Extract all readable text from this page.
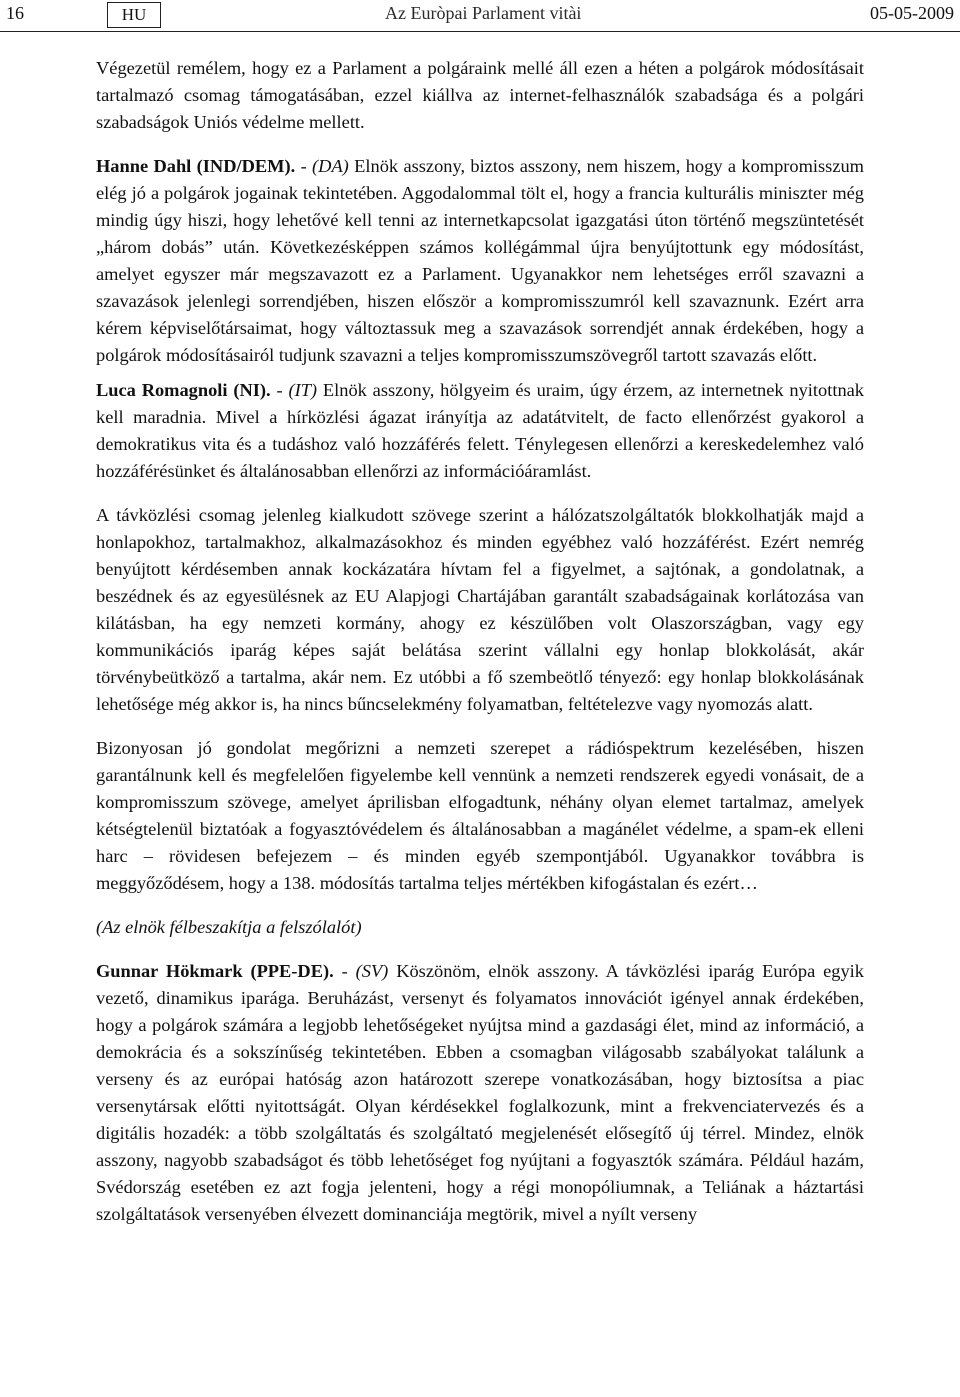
16	HU	Az Euròpai Parlament vitài	05-05-2009

Végezetül remélem, hogy ez a Parlament a polgáraink mellé áll ezen a héten a polgárok módosításait tartalmazó csomag támogatásában, ezzel kiállva az internet-felhasználók szabadsága és a polgári szabadságok Uniós védelme mellett.

Hanne Dahl (IND/DEM). - (DA) Elnök asszony, biztos asszony, nem hiszem, hogy a kompromisszum elég jó a polgárok jogainak tekintetében. Aggodalommal tölt el, hogy a francia kulturális miniszter még mindig úgy hiszi, hogy lehetővé kell tenni az internetkapcsolat igazgatási úton történő megszüntetését „három dobás” után. Következésképpen számos kollégámmal újra benyújtottunk egy módosítást, amelyet egyszer már megszavazott ez a Parlament. Ugyanakkor nem lehetséges erről szavazni a szavazások jelenlegi sorrendjében, hiszen először a kompromisszumról kell szavaznunk. Ezért arra kérem képviselőtársaimat, hogy változtassuk meg a szavazások sorrendjét annak érdekében, hogy a polgárok módosításairól tudjunk szavazni a teljes kompromisszumszövegről tartott szavazás előtt.

Luca Romagnoli (NI). - (IT) Elnök asszony, hölgyeim és uraim, úgy érzem, az internetnek nyitottnak kell maradnia. Mivel a hírközlési ágazat irányítja az adatátvitelt, de facto ellenőrzést gyakorol a demokratikus vita és a tudáshoz való hozzáférés felett. Ténylegesen ellenőrzi a kereskedelemhez való hozzáférésünket és általánosabban ellenőrzi az információáramlást.

A távközlési csomag jelenleg kialkudott szövege szerint a hálózatszolgáltatók blokkolhatják majd a honlapokhoz, tartalmakhoz, alkalmazásokhoz és minden egyébhez való hozzáférést. Ezért nemrég benyújtott kérdésemben annak kockázatára hívtam fel a figyelmet, a sajtónak, a gondolatnak, a beszédnek és az egyesülésnek az EU Alapjogi Chartájában garantált szabadságainak korlátozása van kilátásban, ha egy nemzeti kormány, ahogy ez készülőben volt Olaszországban, vagy egy kommunikációs iparág képes saját belátása szerint vállalni egy honlap blokkolását, akár törvénybeütköző a tartalma, akár nem. Ez utóbbi a fő szembeötlő tényező: egy honlap blokkolásának lehetősége még akkor is, ha nincs bűncselekmény folyamatban, feltételezve vagy nyomozás alatt.

Bizonyosan jó gondolat megőrizni a nemzeti szerepet a rádióspektrum kezelésében, hiszen garantálnunk kell és megfelelően figyelembe kell vennünk a nemzeti rendszerek egyedi vonásait, de a kompromisszum szövege, amelyet áprilisban elfogadtunk, néhány olyan elemet tartalmaz, amelyek kétségtelenül biztatóak a fogyasztóvédelem és általánosabban a magánélet védelme, a spam-ek elleni harc – rövidesen befejezem – és minden egyéb szempontjából. Ugyanakkor továbbra is meggyőződésem, hogy a 138. módosítás tartalma teljes mértékben kifogástalan és ezért…

(Az elnök félbeszakítja a felszólalót)

Gunnar Hökmark (PPE-DE). - (SV) Köszönöm, elnök asszony. A távközlési iparág Európa egyik vezető, dinamikus iparága. Beruházást, versenyt és folyamatos innovációt igényel annak érdekében, hogy a polgárok számára a legjobb lehetőségeket nyújtsa mind a gazdasági élet, mind az információ, a demokrácia és a sokszínűség tekintetében. Ebben a csomagban világosabb szabályokat találunk a verseny és az európai hatóság azon határozott szerepe vonatkozásában, hogy biztosítsa a piac versenytársak előtti nyitottságát. Olyan kérdésekkel foglalkozunk, mint a frekvenciatervezés és a digitális hozadék: a több szolgáltatás és szolgáltató megjelenését elősegítő új térrel. Mindez, elnök asszony, nagyobb szabadságot és több lehetőséget fog nyújtani a fogyasztók számára. Például hazám, Svédország esetében ez azt fogja jelenteni, hogy a régi monopóliumnak, a Teliának a háztartási szolgáltatások versenyében élvezett dominanciája megtörik, mivel a nyílt verseny
